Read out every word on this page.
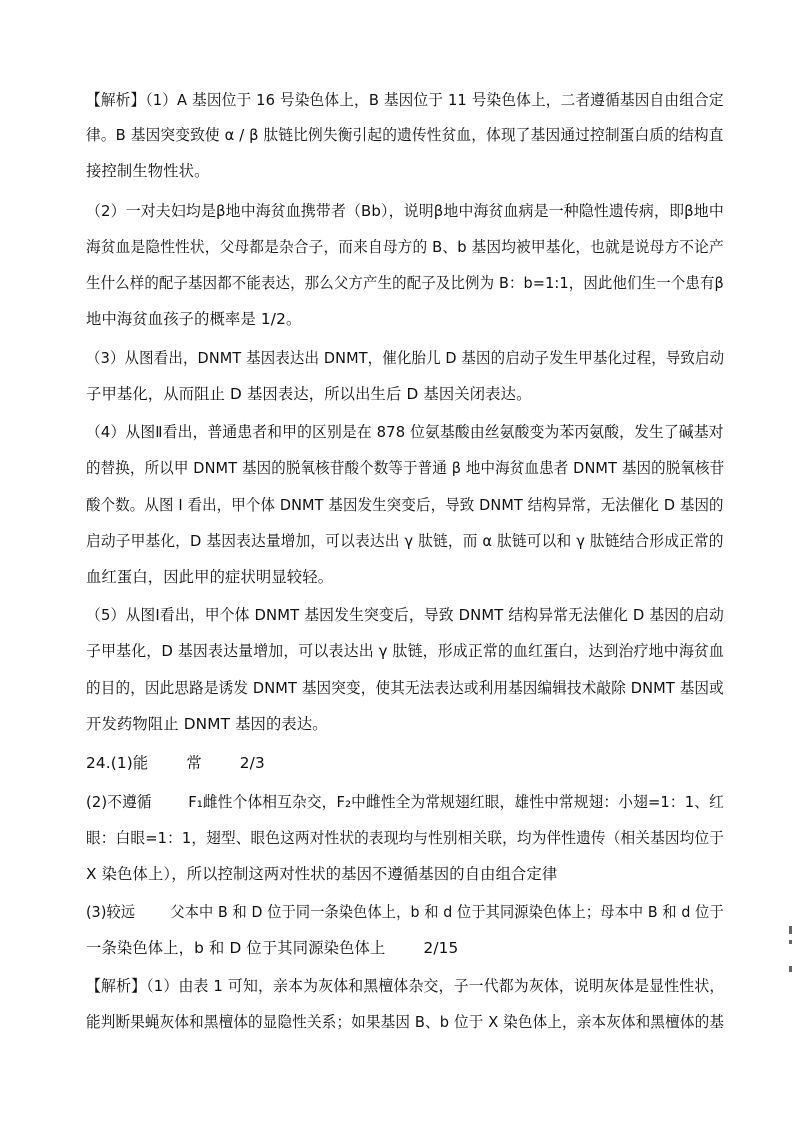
【解析】（1）A 基因位于 16 号染色体上，B 基因位于 11 号染色体上，二者遵循基因自由组合定
律。B 基因突变致使 α / β 肽链比例失衡引起的遗传性贫血，体现了基因通过控制蛋白质的结构直
接控制生物性状。
（2）一对夫妇均是β地中海贫血携带者（Bb），说明β地中海贫血病是一种隐性遗传病，即β地中
海贫血是隐性性状，父母都是杂合子，而来自母方的 B、b 基因均被甲基化，也就是说母方不论产
生什么样的配子基因都不能表达，那么父方产生的配子及比例为 B：b=1:1，因此他们生一个患有β
地中海贫血孩子的概率是 1/2。
（3）从图看出，DNMT 基因表达出 DNMT，催化胎儿 D 基因的启动子发生甲基化过程，导致启动
子甲基化，从而阻止 D 基因表达，所以出生后 D 基因关闭表达。
（4）从图Ⅱ看出，普通患者和甲的区别是在 878 位氨基酸由丝氨酸变为苯丙氨酸，发生了碱基对
的替换，所以甲 DNMT 基因的脱氧核苷酸个数等于普通 β 地中海贫血患者 DNMT 基因的脱氧核苷
酸个数。从图 I 看出，甲个体 DNMT 基因发生突变后，导致 DNMT 结构异常，无法催化 D 基因的
启动子甲基化，D 基因表达量增加，可以表达出 γ 肽链，而 α 肽链可以和 γ 肽链结合形成正常的
血红蛋白，因此甲的症状明显较轻。
（5）从图Ⅰ看出，甲个体 DNMT 基因发生突变后，导致 DNMT 结构异常无法催化 D 基因的启动
子甲基化，D 基因表达量增加，可以表达出 γ 肽链，形成正常的血红蛋白，达到治疗地中海贫血
的目的，因此思路是诱发 DNMT 基因突变，使其无法表达或利用基因编辑技术敲除 DNMT 基因或
开发药物阻止 DNMT 基因的表达。
24.(1)能 常 2/3
(2)不遵循 F₁雌性个体相互杂交，F₂中雌性全为常规翅红眼，雄性中常规翅：小翅=1：1、红
眼：白眼=1：1，翅型、眼色这两对性状的表现均与性别相关联，均为伴性遗传（相关基因均位于
X 染色体上），所以控制这两对性状的基因不遵循基因的自由组合定律
(3)较远 父本中 B 和 D 位于同一条染色体上，b 和 d 位于其同源染色体上；母本中 B 和 d 位于
一条染色体上，b 和 D 位于其同源染色体上 2/15
【解析】（1）由表 1 可知，亲本为灰体和黑檀体杂交，子一代都为灰体，说明灰体是显性性状，
能判断果蝇灰体和黑檀体的显隐性关系；如果基因 B、b 位于 X 染色体上，亲本灰体和黑檀体的基
